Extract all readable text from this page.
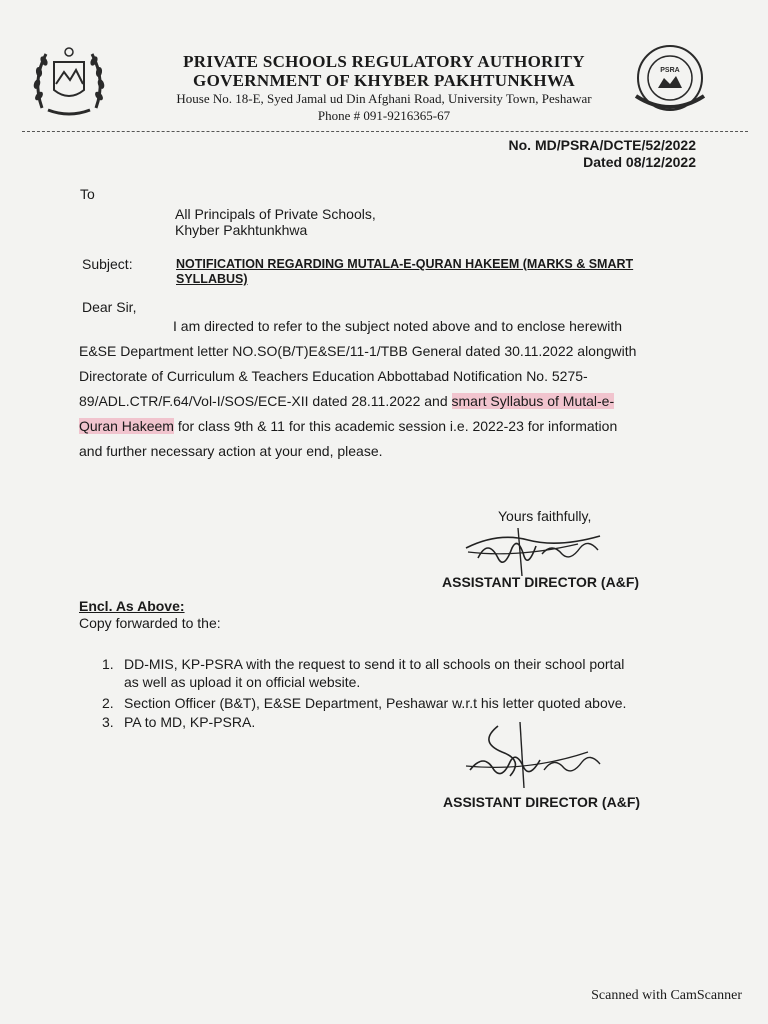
PRIVATE SCHOOLS REGULATORY AUTHORITY
GOVERNMENT OF KHYBER PAKHTUNKHWA
House No. 18-E, Syed Jamal ud Din Afghani Road, University Town, Peshawar
Phone # 091-9216365-67
PSRA
No. MD/PSRA/DCTE/52/2022
Dated 08/12/2022
To
All Principals of Private Schools,
Khyber Pakhtunkhwa
Subject:	NOTIFICATION REGARDING MUTALA-E-QURAN HAKEEM (MARKS & SMART
SYLLABUS)
Dear Sir,
I am directed to refer to the subject noted above and to enclose herewith
E&SE Department letter NO.SO(B/T)E&SE/11-1/TBB General dated 30.11.2022 alongwith
Directorate of Curriculum & Teachers Education Abbottabad Notification No. 5275-
89/ADL.CTR/F.64/Vol-I/SOS/ECE-XII dated 28.11.2022 and smart Syllabus of Mutal-e-
Quran Hakeem for class 9th & 11 for this academic session i.e. 2022-23 for information
and further necessary action at your end, please.
Yours faithfully,
ASSISTANT DIRECTOR (A&F)
Encl. As Above:
Copy forwarded to the:
1. DD-MIS, KP-PSRA with the request to send it to all schools on their school portal
as well as upload it on official website.
2. Section Officer (B&T), E&SE Department, Peshawar w.r.t his letter quoted above.
3. PA to MD, KP-PSRA.
ASSISTANT DIRECTOR (A&F)
Scanned with CamScanner
